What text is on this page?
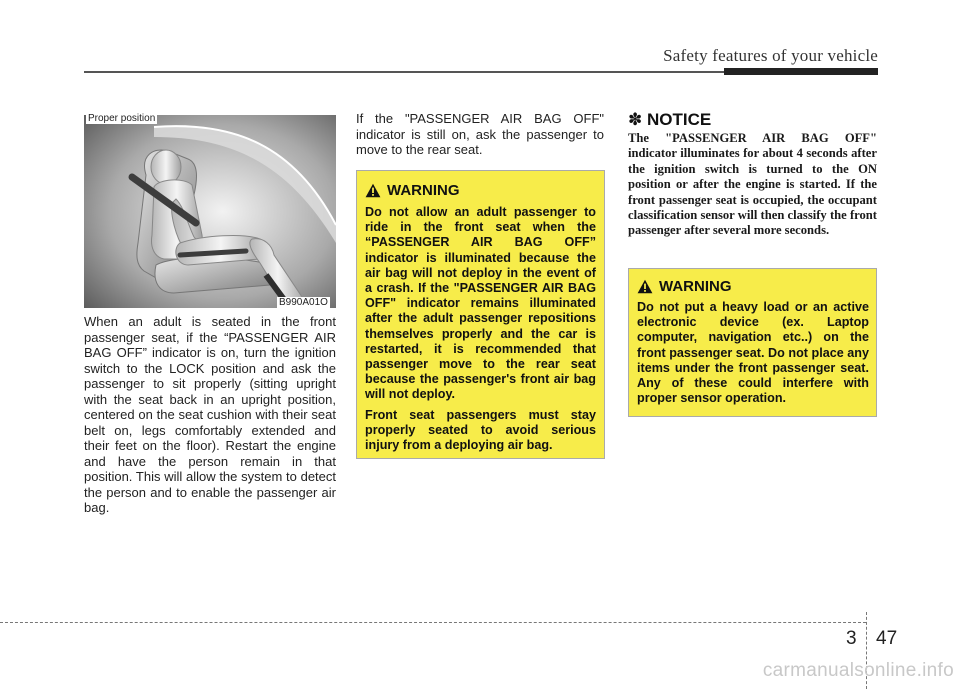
Safety features of your vehicle
Proper position
B990A01O
When an adult is seated in the front passenger seat, if the “PASSENGER AIR BAG OFF” indicator is on, turn the ignition switch to the LOCK position and ask the passenger to sit properly (sitting upright with the seat back in an upright position, centered on the seat cushion with their seat belt on, legs comfortably extended and their feet on the floor). Restart the engine and have the person remain in that position. This will allow the system to detect the person and to enable the passenger air bag.
If the "PASSENGER AIR BAG OFF" indicator is still on, ask the passenger to move to the rear seat.
WARNING

Do not allow an adult passenger to ride in the front seat when the “PASSENGER AIR BAG OFF” indicator is illuminated because the air bag will not deploy in the event of a crash. If the "PASSENGER AIR BAG OFF" indicator remains illuminated after the adult passenger repositions themselves properly and the car is restarted, it is recommended that passenger move to the rear seat because the passenger's front air bag will not deploy.

Front seat passengers must stay properly seated to avoid serious injury from a deploying air bag.

✽ NOTICE
The "PASSENGER AIR BAG OFF" indicator illuminates for about 4 seconds after the ignition switch is turned to the ON position or after the engine is started. If the front passenger seat is occupied, the occupant classification sensor will then classify the front passenger after several more seconds.
WARNING
Do not put a heavy load or an active electronic device (ex. Laptop computer, navigation etc..) on the front passenger seat. Do not place any items under the front passenger seat. Any of these could interfere with proper sensor operation.
3 47
carmanualsonline.info
